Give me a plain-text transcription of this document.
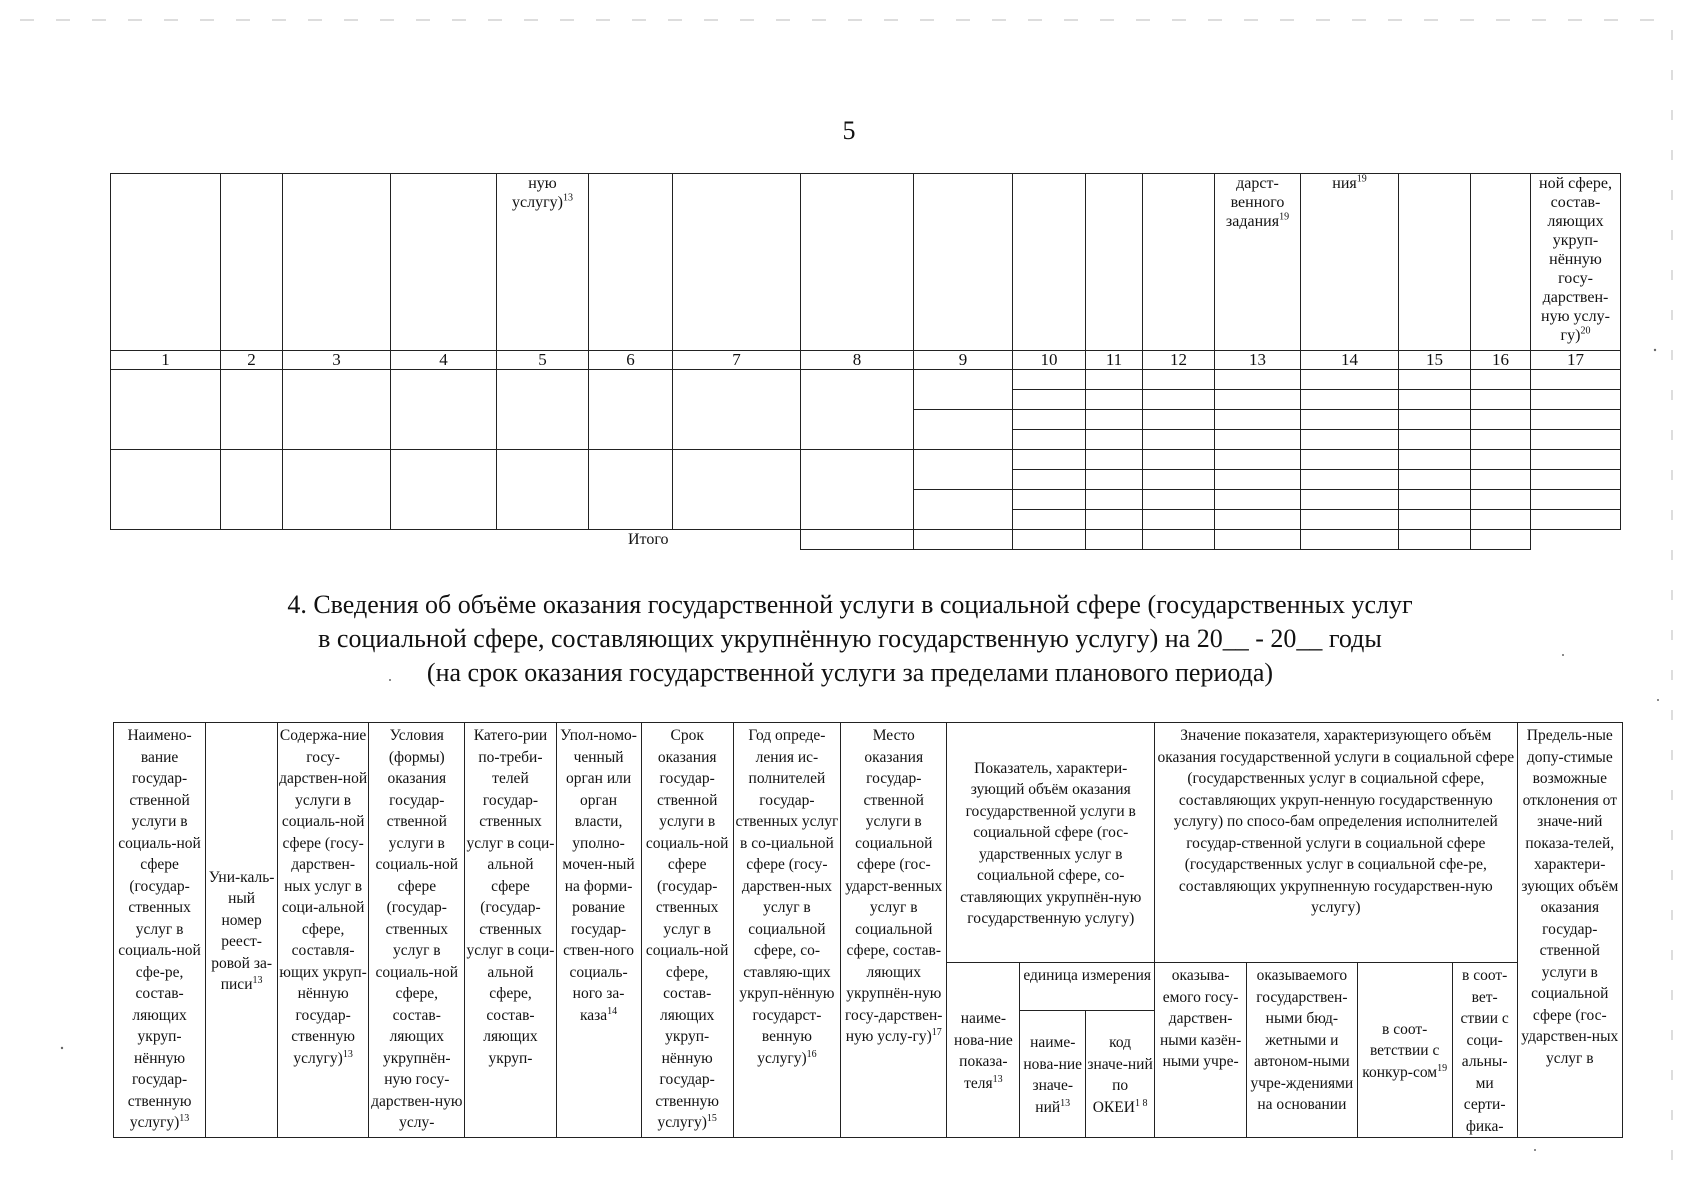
5
				ную услугу)$^{13}$								дарст-венного задания$^{19}$	ния$^{19}$			ной сфере, состав-ляющих укруп-нённую госу-дарствен-ную услу-гу)$^{20}$
1	2	3	4	5	6	7	8	9	10	11	12	13	14	15	16	17

				Итого												
4. Сведения об объёме оказания государственной услуги в социальной сфере (государственных услуг
в социальной сфере, составляющих укрупнённую государственную услугу) на 20__ - 20__ годы
(на срок оказания государственной услуги за пределами планового периода)
Наимено-вание государ-ственной услуги в социаль-ной сфере (государ-ственных услуг в социаль-ной сфе-ре, состав-ляющих укруп-нённую государ-ственную услугу)$^{13}$	Уни-каль-ный номер реест-ровой за-писи$^{13}$	Содержа-ние госу-дарствен-ной услуги в социаль-ной сфере (госу-дарствен-ных услуг в соци-альной сфере, составля-ющих укруп-нённую государ-ственную услугу)$^{13}$	Условия (формы) оказания государ-ственной услуги в социаль-ной сфере (государ-ственных услуг в социаль-ной сфере, состав-ляющих укрупнён-ную госу-дарствен-ную услу-	Катего-рии по-треби-телей государ-ственных услуг в соци-альной сфере (государ-ственных услуг в соци-альной сфере, состав-ляющих укруп-	Упол-номо-ченный орган или орган власти, уполно-мочен-ный на форми-рование государ-ствен-ного социаль-ного за-каза$^{14}$	Срок оказания государ-ственной услуги в социаль-ной сфере (государ-ственных услуг в социаль-ной сфере, состав-ляющих укруп-нённую государ-ственную услугу)$^{15}$	Год опреде-ления ис-полнителей государ-ственных услуг в со-циальной сфере (госу-дарствен-ных услуг в социальной сфере, со-ставляю-щих укруп-нённую государст-венную услугу)$^{16}$	Место оказания государ-ственной услуги в социальной сфере (гос-ударст-венных услуг в социальной сфере, состав-ляющих укрупнён-ную госу-дарствен-ную услу-гу)$^{17}$	Показатель, характери-зующий объём оказания государственной услуги в социальной сфере (гос-ударственных услуг в социальной сфере, со-ставляющих укрупнён-ную государственную услугу)			Значение показателя, характеризующего объём оказания государственной услуги в социальной сфере (государственных услуг в социальной сфере, составляющих укруп-ненную государственную услугу) по спосо-бам определения исполнителей государ-ственной услуги в социальной сфере (государственных услуг в социальной сфе-ре, составляющих укрупненную государствен-ную услугу)				Предель-ные допу-стимые возможные отклонения от значе-ний показа-телей, характери-зующих объём оказания государ-ственной услуги в социальной сфере (гос-ударствен-ных услуг в
									наиме-нова-ние показа-теля$^{13}$	единица измерения		оказыва-емого госу-дарствен-ными казён-ными учре-	оказываемого государствен-ными бюд-жетными и автоном-ными учре-ждениями на основании	в соот-ветствии с конкур-сом$^{19}$	в соот-вет-ствии с соци-альны-ми серти-фика-	
										наиме-нова-ние значе-ний$^{13}$	код значе-ний по $ОКЕИ^{1 8}$
